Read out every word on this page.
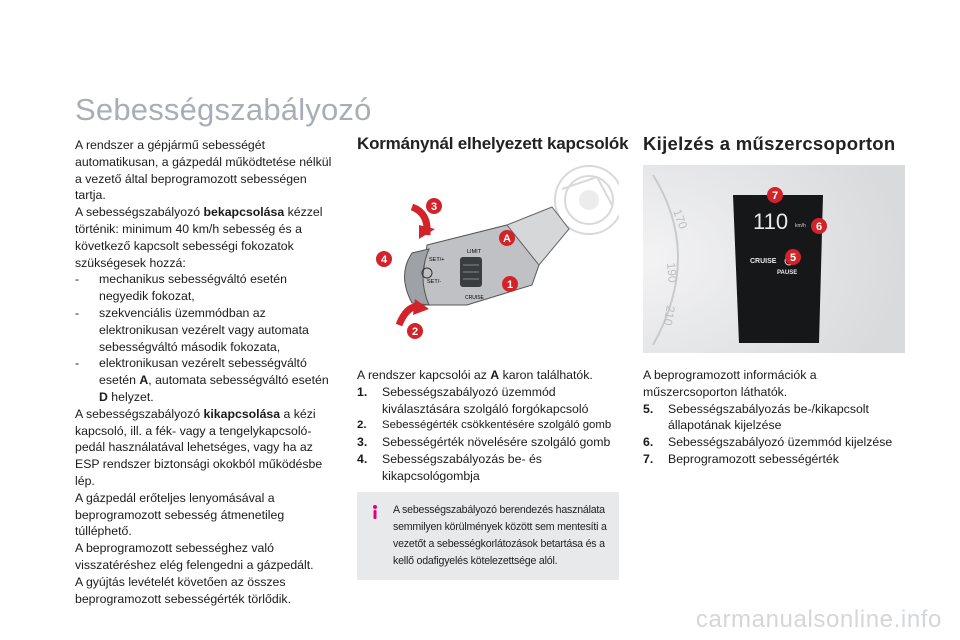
Sebességszabályozó

A rendszer a gépjármű sebességét automatikusan, a gázpedál működtetése nélkül a vezető által beprogramozott sebességen tartja.

A sebességszabályozó bekapcsolása kézzel történik: minimum 40 km/h sebesség és a következő kapcsolt sebességi fokozatok szükségesek hozzá:

- mechanikus sebességváltó esetén negyedik fokozat,
- szekvenciális üzemmódban az elektronikusan vezérelt vagy automata sebességváltó második fokozata,
- elektronikusan vezérelt sebességváltó esetén A, automata sebességváltó esetén D helyzet.

A sebességszabályozó kikapcsolása a kézi kapcsoló, ill. a fék- vagy a tengelykapcsoló-pedál használatával lehetséges, vagy ha az ESP rendszer biztonsági okokból működésbe lép.

A gázpedál erőteljes lenyomásával a beprogramozott sebesség átmenetileg túlléphető.

A beprogramozott sebességhez való visszatéréshez elég felengedni a gázpedált.

A gyújtás levételét követően az összes beprogramozott sebességérték törlődik.

Kormánynál elhelyezett kapcsolók Kijelzés a műszercsoporton
SET/+
SET/-
LIMIT
CRUISE
3
A
4
1
2
170
190
210
110 km/h
CRUISE
PAUSE
7
6
5

A rendszer kapcsolói az A karon találhatók.

1. Sebességszabályozó üzemmód kiválasztására szolgáló forgókapcsoló
2. Sebességérték csökkentésére szolgáló gomb
3. Sebességérték növelésére szolgáló gomb
4. Sebességszabályozás be- és kikapcsológombja
A sebességszabályozó berendezés használata semmilyen körülmények között sem mentesíti a vezetőt a sebességkorlátozások betartása és a kellő odafigyelés kötelezettsége alól.

A beprogramozott információk a műszercsoporton láthatók.

5. Sebességszabályozás be-/kikapcsolt állapotának kijelzése
6. Sebességszabályozó üzemmód kijelzése
7. Beprogramozott sebességérték
carmanualsonline.info
